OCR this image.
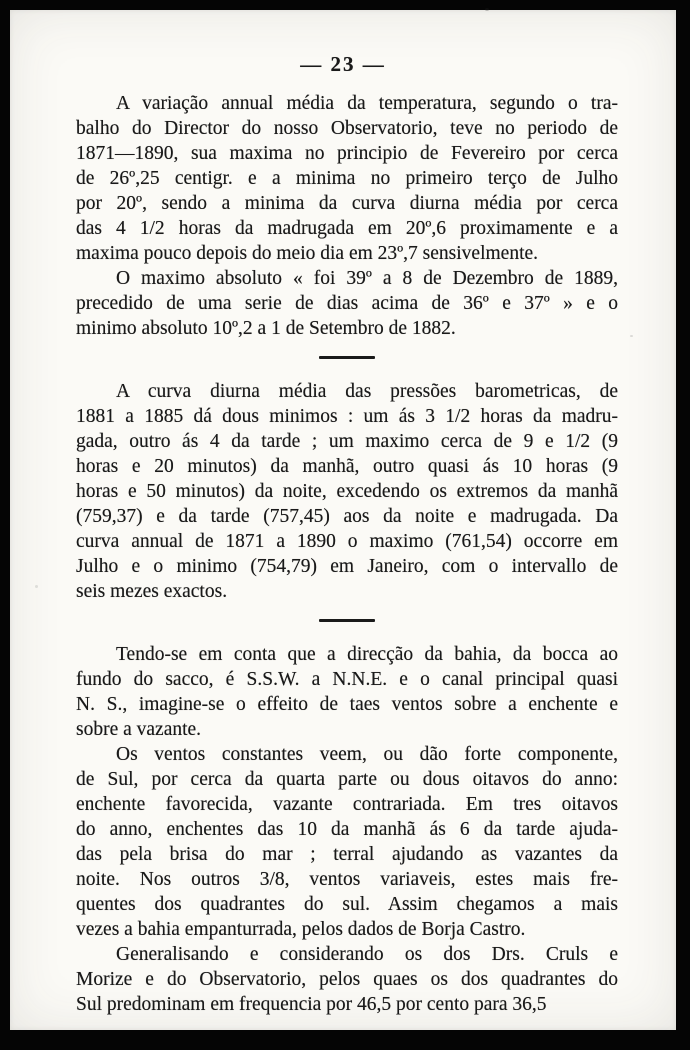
— 23 —
A variação annual média da temperatura, segundo o tra-
balho do Director do nosso Observatorio, teve no periodo de
1871—1890, sua maxima no principio de Fevereiro por cerca
de 26º,25 centigr. e a minima no primeiro terço de Julho
por 20º, sendo a minima da curva diurna média por cerca
das 4 1/2 horas da madrugada em 20º,6 proximamente e a
maxima pouco depois do meio dia em 23º,7 sensivelmente.
O maximo absoluto « foi 39º a 8 de Dezembro de 1889,
precedido de uma serie de dias acima de 36º e 37º » e o
minimo absoluto 10º,2 a 1 de Setembro de 1882.
A curva diurna média das pressões barometricas, de
1881 a 1885 dá dous minimos : um ás 3 1/2 horas da madru-
gada, outro ás 4 da tarde ; um maximo cerca de 9 e 1/2 (9
horas e 20 minutos) da manhã, outro quasi ás 10 horas (9
horas e 50 minutos) da noite, excedendo os extremos da manhã
(759,37) e da tarde (757,45) aos da noite e madrugada. Da
curva annual de 1871 a 1890 o maximo (761,54) occorre em
Julho e o minimo (754,79) em Janeiro, com o intervallo de
seis mezes exactos.
Tendo-se em conta que a direcção da bahia, da bocca ao
fundo do sacco, é S.S.W. a N.N.E. e o canal principal quasi
N. S., imagine-se o effeito de taes ventos sobre a enchente e
sobre a vazante.
Os ventos constantes veem, ou dão forte componente,
de Sul, por cerca da quarta parte ou dous oitavos do anno:
enchente favorecida, vazante contrariada. Em tres oitavos
do anno, enchentes das 10 da manhã ás 6 da tarde ajuda-
das pela brisa do mar ; terral ajudando as vazantes da
noite. Nos outros 3/8, ventos variaveis, estes mais fre-
quentes dos quadrantes do sul. Assim chegamos a mais
vezes a bahia empanturrada, pelos dados de Borja Castro.
Generalisando e considerando os dos Drs. Cruls e
Morize e do Observatorio, pelos quaes os dos quadrantes do
Sul predominam em frequencia por 46,5 por cento para 36,5
